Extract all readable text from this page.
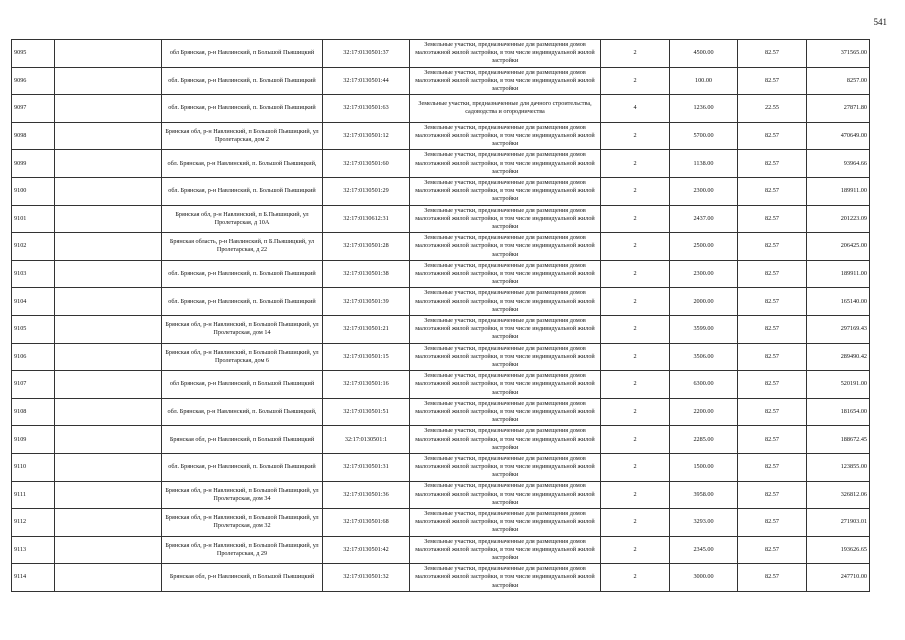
541
9095		обл Брянская, р-н Навлинский, п Большой Пьяшицкий	32:17:0130501:37	Земельные участки, предназначенные для размещения домов малоэтажной жилой застройки, в том числе индивидуальной жилой застройки	2	4500.00	82.57	371565.00
9096		обл. Брянская, р-н Навлинский, п. Большой Пьяшицкий	32:17:0130501:44	Земельные участки, предназначенные для размещения домов малоэтажной жилой застройки, в том числе индивидуальной жилой застройки	2	100.00	82.57	8257.00
9097		обл. Брянская, р-н Навлинский, п. Большой Пьяшицкий	32:17:0130501:63	Земельные участки, предназначенные для дачного строительства, садоводства и огородничества	4	1236.00	22.55	27871.80
9098		Брянская обл, р-н Навлинский, п Большой Пьяшицкий, ул Пролетарская, дом 2	32:17:0130501:12	Земельные участки, предназначенные для размещения домов малоэтажной жилой застройки, в том числе индивидуальной жилой застройки	2	5700.00	82.57	470649.00
9099		обл. Брянская, р-н Навлинский, п. Большой Пьяшицкий,	32:17:0130501:60	Земельные участки, предназначенные для размещения домов малоэтажной жилой застройки, в том числе индивидуальной жилой застройки	2	1138.00	82.57	93964.66
9100		обл. Брянская, р-н Навлинский, п. Большой Пьяшицкий	32:17:0130501:29	Земельные участки, предназначенные для размещения домов малоэтажной жилой застройки, в том числе индивидуальной жилой застройки	2	2300.00	82.57	189911.00
9101		Брянская обл, р-н Навлинский, п Б.Пьяшицкий, ул Пролетарская, д 10А	32:17:0130612:31	Земельные участки, предназначенные для размещения домов малоэтажной жилой застройки, в том числе индивидуальной жилой застройки	2	2437.00	82.57	201223.09
9102		Брянская область, р-н Навлинский, п Б.Пьяшицкий, ул Пролетарская, д 22	32:17:0130501:28	Земельные участки, предназначенные для размещения домов малоэтажной жилой застройки, в том числе индивидуальной жилой застройки	2	2500.00	82.57	206425.00
9103		обл. Брянская, р-н Навлинский, п. Большой Пьяшицкий	32:17:0130501:38	Земельные участки, предназначенные для размещения домов малоэтажной жилой застройки, в том числе индивидуальной жилой застройки	2	2300.00	82.57	189911.00
9104		обл. Брянская, р-н Навлинский, п. Большой Пьяшицкий	32:17:0130501:39	Земельные участки, предназначенные для размещения домов малоэтажной жилой застройки, в том числе индивидуальной жилой застройки	2	2000.00	82.57	165140.00
9105		Брянская обл, р-н Навлинский, п Большой Пьяшицкий, ул Пролетарская, дом 14	32:17:0130501:21	Земельные участки, предназначенные для размещения домов малоэтажной жилой застройки, в том числе индивидуальной жилой застройки	2	3599.00	82.57	297169.43
9106		Брянская обл, р-н Навлинский, п Большой Пьяшицкий, ул Пролетарская, дом 6	32:17:0130501:15	Земельные участки, предназначенные для размещения домов малоэтажной жилой застройки, в том числе индивидуальной жилой застройки	2	3506.00	82.57	289490.42
9107		обл Брянская, р-н Навлинский, п Большой Пьяшицкий	32:17:0130501:16	Земельные участки, предназначенные для размещения домов малоэтажной жилой застройки, в том числе индивидуальной жилой застройки	2	6300.00	82.57	520191.00
9108		обл. Брянская, р-н Навлинский, п. Большой Пьяшицкий,	32:17:0130501:51	Земельные участки, предназначенные для размещения домов малоэтажной жилой застройки, в том числе индивидуальной жилой застройки	2	2200.00	82.57	181654.00
9109		Брянская обл, р-н Навлинский, п Большой Пьяшицкий	32:17:0130501:1	Земельные участки, предназначенные для размещения домов малоэтажной жилой застройки, в том числе индивидуальной жилой застройки	2	2285.00	82.57	188672.45
9110		обл. Брянская, р-н Навлинский, п. Большой Пьяшицкий	32:17:0130501:31	Земельные участки, предназначенные для размещения домов малоэтажной жилой застройки, в том числе индивидуальной жилой застройки	2	1500.00	82.57	123855.00
9111		Брянская обл, р-н Навлинский, п Большой Пьяшицкий, ул Пролетарская, дом 34	32:17:0130501:36	Земельные участки, предназначенные для размещения домов малоэтажной жилой застройки, в том числе индивидуальной жилой застройки	2	3958.00	82.57	326812.06
9112		Брянская обл, р-н Навлинский, п Большой Пьяшицкий, ул Пролетарская, дом 32	32:17:0130501:68	Земельные участки, предназначенные для размещения домов малоэтажной жилой застройки, в том числе индивидуальной жилой застройки	2	3293.00	82.57	271903.01
9113		Брянская обл, р-н Навлинский, п Большой Пьяшицкий, ул Пролетарская, д 29	32:17:0130501:42	Земельные участки, предназначенные для размещения домов малоэтажной жилой застройки, в том числе индивидуальной жилой застройки	2	2345.00	82.57	193626.65
9114		Брянская обл, р-н Навлинский, п Большой Пьяшицкий	32:17:0130501:32	Земельные участки, предназначенные для размещения домов малоэтажной жилой застройки, в том числе индивидуальной жилой застройки	2	3000.00	82.57	247710.00
